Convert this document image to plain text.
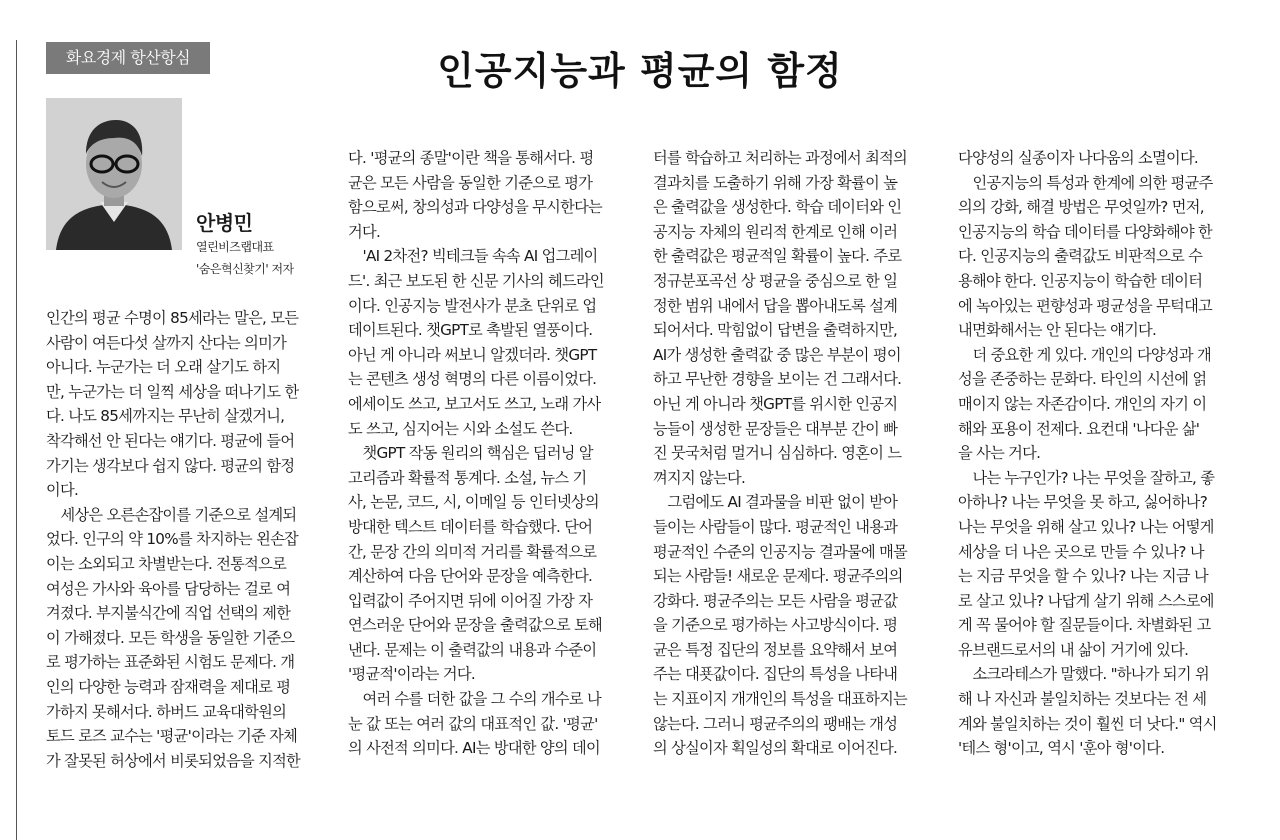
화요경제 항산항심	인공지능과 평균의 함정
안병민
열린비즈랩대표
'숨은혁신찾기' 저자
인간의 평균 수명이 85세라는 말은, 모든
사람이 여든다섯 살까지 산다는 의미가
아니다. 누군가는 더 오래 살기도 하지
만, 누군가는 더 일찍 세상을 떠나기도 한
다. 나도 85세까지는 무난히 살겠거니,
착각해선 안 된다는 얘기다. 평균에 들어
가기는 생각보다 쉽지 않다. 평균의 함정
이다.
　세상은 오른손잡이를 기준으로 설계되
었다. 인구의 약 10%를 차지하는 왼손잡
이는 소외되고 차별받는다. 전통적으로
여성은 가사와 육아를 담당하는 걸로 여
겨졌다. 부지불식간에 직업 선택의 제한
이 가해졌다. 모든 학생을 동일한 기준으
로 평가하는 표준화된 시험도 문제다. 개
인의 다양한 능력과 잠재력을 제대로 평
가하지 못해서다. 하버드 교육대학원의
토드 로즈 교수는 '평균'이라는 기준 자체
가 잘못된 허상에서 비롯되었음을 지적한
다. '평균의 종말'이란 책을 통해서다. 평
균은 모든 사람을 동일한 기준으로 평가
함으로써, 창의성과 다양성을 무시한다는
거다.
　'AI 2차전? 빅테크들 속속 AI 업그레이
드'. 최근 보도된 한 신문 기사의 헤드라인
이다. 인공지능 발전사가 분초 단위로 업
데이트된다. 챗GPT로 촉발된 열풍이다.
아닌 게 아니라 써보니 알겠더라. 챗GPT
는 콘텐츠 생성 혁명의 다른 이름이었다.
에세이도 쓰고, 보고서도 쓰고, 노래 가사
도 쓰고, 심지어는 시와 소설도 쓴다.
　챗GPT 작동 원리의 핵심은 딥러닝 알
고리즘과 확률적 통계다. 소설, 뉴스 기
사, 논문, 코드, 시, 이메일 등 인터넷상의
방대한 텍스트 데이터를 학습했다. 단어
간, 문장 간의 의미적 거리를 확률적으로
계산하여 다음 단어와 문장을 예측한다.
입력값이 주어지면 뒤에 이어질 가장 자
연스러운 단어와 문장을 출력값으로 토해
낸다. 문제는 이 출력값의 내용과 수준이
'평균적'이라는 거다.
　여러 수를 더한 값을 그 수의 개수로 나
눈 값 또는 여러 값의 대표적인 값. '평균'
의 사전적 의미다. AI는 방대한 양의 데이
터를 학습하고 처리하는 과정에서 최적의
결과치를 도출하기 위해 가장 확률이 높
은 출력값을 생성한다. 학습 데이터와 인
공지능 자체의 원리적 한계로 인해 이러
한 출력값은 평균적일 확률이 높다. 주로
정규분포곡선 상 평균을 중심으로 한 일
정한 범위 내에서 답을 뽑아내도록 설계
되어서다. 막힘없이 답변을 출력하지만,
AI가 생성한 출력값 중 많은 부분이 평이
하고 무난한 경향을 보이는 건 그래서다.
아닌 게 아니라 챗GPT를 위시한 인공지
능들이 생성한 문장들은 대부분 간이 빠
진 뭇국처럼 멀거니 심심하다. 영혼이 느
껴지지 않는다.
　그럼에도 AI 결과물을 비판 없이 받아
들이는 사람들이 많다. 평균적인 내용과
평균적인 수준의 인공지능 결과물에 매몰
되는 사람들! 새로운 문제다. 평균주의의
강화다. 평균주의는 모든 사람을 평균값
을 기준으로 평가하는 사고방식이다. 평
균은 특정 집단의 정보를 요약해서 보여
주는 대푯값이다. 집단의 특성을 나타내
는 지표이지 개개인의 특성을 대표하지는
않는다. 그러니 평균주의의 팽배는 개성
의 상실이자 획일성의 확대로 이어진다.
다양성의 실종이자 나다움의 소멸이다.
　인공지능의 특성과 한계에 의한 평균주
의의 강화, 해결 방법은 무엇일까? 먼저,
인공지능의 학습 데이터를 다양화해야 한
다. 인공지능의 출력값도 비판적으로 수
용해야 한다. 인공지능이 학습한 데이터
에 녹아있는 편향성과 평균성을 무턱대고
내면화해서는 안 된다는 얘기다.
　더 중요한 게 있다. 개인의 다양성과 개
성을 존중하는 문화다. 타인의 시선에 얽
매이지 않는 자존감이다. 개인의 자기 이
해와 포용이 전제다. 요컨대 '나다운 삶'
을 사는 거다.
　나는 누구인가? 나는 무엇을 잘하고, 좋
아하나? 나는 무엇을 못 하고, 싫어하나?
나는 무엇을 위해 살고 있나? 나는 어떻게
세상을 더 나은 곳으로 만들 수 있나? 나
는 지금 무엇을 할 수 있나? 나는 지금 나
로 살고 있나? 나답게 살기 위해 스스로에
게 꼭 물어야 할 질문들이다. 차별화된 고
유브랜드로서의 내 삶이 거기에 있다.
　소크라테스가 말했다. "하나가 되기 위
해 나 자신과 불일치하는 것보다는 전 세
계와 불일치하는 것이 훨씬 더 낫다." 역시
'테스 형'이고, 역시 '훈아 형'이다.
